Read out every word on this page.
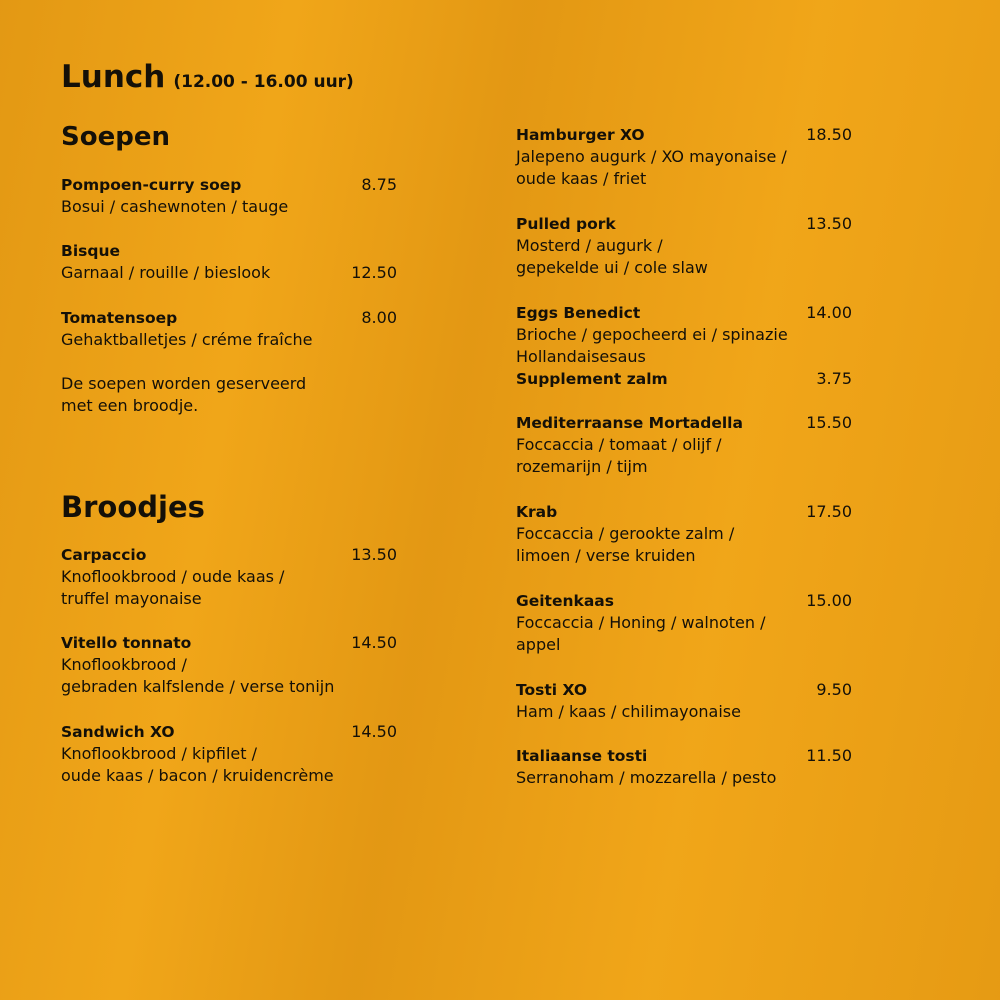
Lunch (12.00 - 16.00 uur)
Soepen
Pompoen-curry soep	8.75
Bosui / cashewnoten / tauge
Bisque
12.50
Garnaal / rouille / bieslook
Tomatensoep	8.00
Gehaktballetjes / créme fraîche
De soepen worden geserveerd
met een broodje.
Broodjes
Carpaccio	13.50
Knoflookbrood / oude kaas /
truffel mayonaise
Vitello tonnato	14.50
Knoflookbrood /
gebraden kalfslende / verse tonijn
Sandwich XO	14.50
Knoflookbrood / kipfilet /
oude kaas / bacon / kruidencrème
Hamburger XO	18.50
Jalepeno augurk / XO mayonaise /
oude kaas / friet
Pulled pork	13.50
Mosterd / augurk /
gepekelde ui / cole slaw
Eggs Benedict	14.00
Brioche / gepocheerd ei / spinazie
Hollandaisesaus
Supplement zalm	3.75
Mediterraanse Mortadella	15.50
Foccaccia / tomaat / olijf /
rozemarijn / tijm
Krab	17.50
Foccaccia / gerookte zalm /
limoen / verse kruiden
Geitenkaas	15.00
Foccaccia / Honing / walnoten /
appel
Tosti XO	9.50
Ham / kaas / chilimayonaise
Italiaanse tosti	11.50
Serranoham / mozzarella / pesto
